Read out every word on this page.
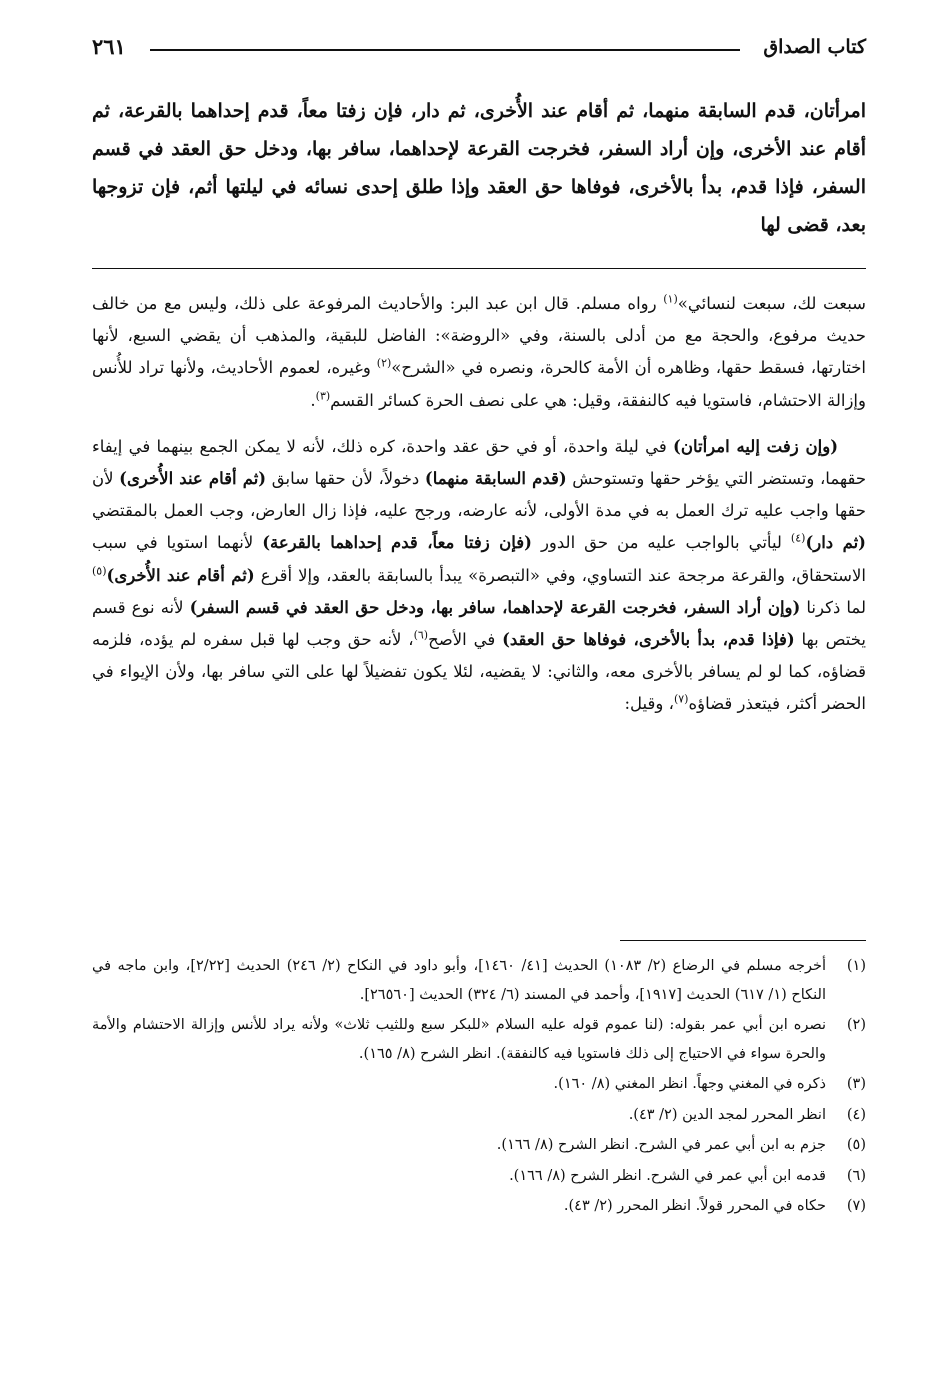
كتاب الصداق
٢٦١
امرأتان، قدم السابقة منهما، ثم أقام عند الأُخرى، ثم دار، فإن زفتا معاً، قدم إحداهما بالقرعة، ثم أقام عند الأخرى، وإن أراد السفر، فخرجت القرعة لإحداهما، سافر بها، ودخل حق العقد في قسم السفر، فإذا قدم، بدأ بالأخرى، فوفاها حق العقد وإذا طلق إحدى نسائه في ليلتها أثم، فإن تزوجها بعد، قضى لها

سبعت لك، سبعت لنسائي»$^{(١)}$ رواه مسلم. قال ابن عبد البر: والأحاديث المرفوعة على ذلك، وليس مع من خالف حديث مرفوع، والحجة مع من أدلى بالسنة، وفي «الروضة»: الفاضل للبقية، والمذهب أن يقضي السبع، لأنها اختارتها، فسقط حقها، وظاهره أن الأمة كالحرة، ونصره في «الشرح»$^{(٢)}$ وغيره، لعموم الأحاديث، ولأنها تراد للأُنس وإزالة الاحتشام، فاستويا فيه كالنفقة، وقيل: هي على نصف الحرة كسائر القسم$^{(٣)}$.

(وإن زفت إليه امرأتان) في ليلة واحدة، أو في حق عقد واحدة، كره ذلك، لأنه لا يمكن الجمع بينهما في إيفاء حقهما، وتستضر التي يؤخر حقها وتستوحش (قدم السابقة منهما) دخولاً، لأن حقها سابق (ثم أقام عند الأُخرى) لأن حقها واجب عليه ترك العمل به في مدة الأولى، لأنه عارضه، ورجح عليه، فإذا زال العارض، وجب العمل بالمقتضي (ثم دار)$^{(٤)}$ ليأتي بالواجب عليه من حق الدور (فإن زفتا معاً، قدم إحداهما بالقرعة) لأنهما استويا في سبب الاستحقاق، والقرعة مرجحة عند التساوي، وفي «التبصرة» يبدأ بالسابقة بالعقد، وإلا أقرع (ثم أقام عند الأُخرى)$^{(٥)}$ لما ذكرنا (وإن أراد السفر، فخرجت القرعة لإحداهما، سافر بها، ودخل حق العقد في قسم السفر) لأنه نوع قسم يختص بها (فإذا قدم، بدأ بالأخرى، فوفاها حق العقد) في الأصح$^{(٦)}$، لأنه حق وجب لها قبل سفره لم يؤده، فلزمه قضاؤه، كما لو لم يسافر بالأخرى معه، والثاني: لا يقضيه، لئلا يكون تفضيلاً لها على التي سافر بها، ولأن الإيواء في الحضر أكثر، فيتعذر قضاؤه$^{(٧)}$، وقيل:

(١)
أخرجه مسلم في الرضاع (٢/ ١٠٨٣) الحديث [٤١/ ١٤٦٠]، وأبو داود في النكاح (٢/ ٢٤٦) الحديث [٢/٢٢]، وابن ماجه في النكاح (١/ ٦١٧) الحديث [١٩١٧]، وأحمد في المسند (٦/ ٣٢٤) الحديث [٢٦٥٦٠].
(٢)
نصره ابن أبي عمر بقوله: (لنا عموم قوله عليه السلام «للبكر سبع وللثيب ثلاث» ولأنه يراد للأنس وإزالة الاحتشام والأمة والحرة سواء في الاحتياج إلى ذلك فاستويا فيه كالنفقة). انظر الشرح (٨/ ١٦٥).
(٣)
ذكره في المغني وجهاً. انظر المغني (٨/ ١٦٠).
(٤)
انظر المحرر لمجد الدين (٢/ ٤٣).
(٥)
جزم به ابن أبي عمر في الشرح. انظر الشرح (٨/ ١٦٦).
(٦)
قدمه ابن أبي عمر في الشرح. انظر الشرح (٨/ ١٦٦).
(٧)
حكاه في المحرر قولاً. انظر المحرر (٢/ ٤٣).
